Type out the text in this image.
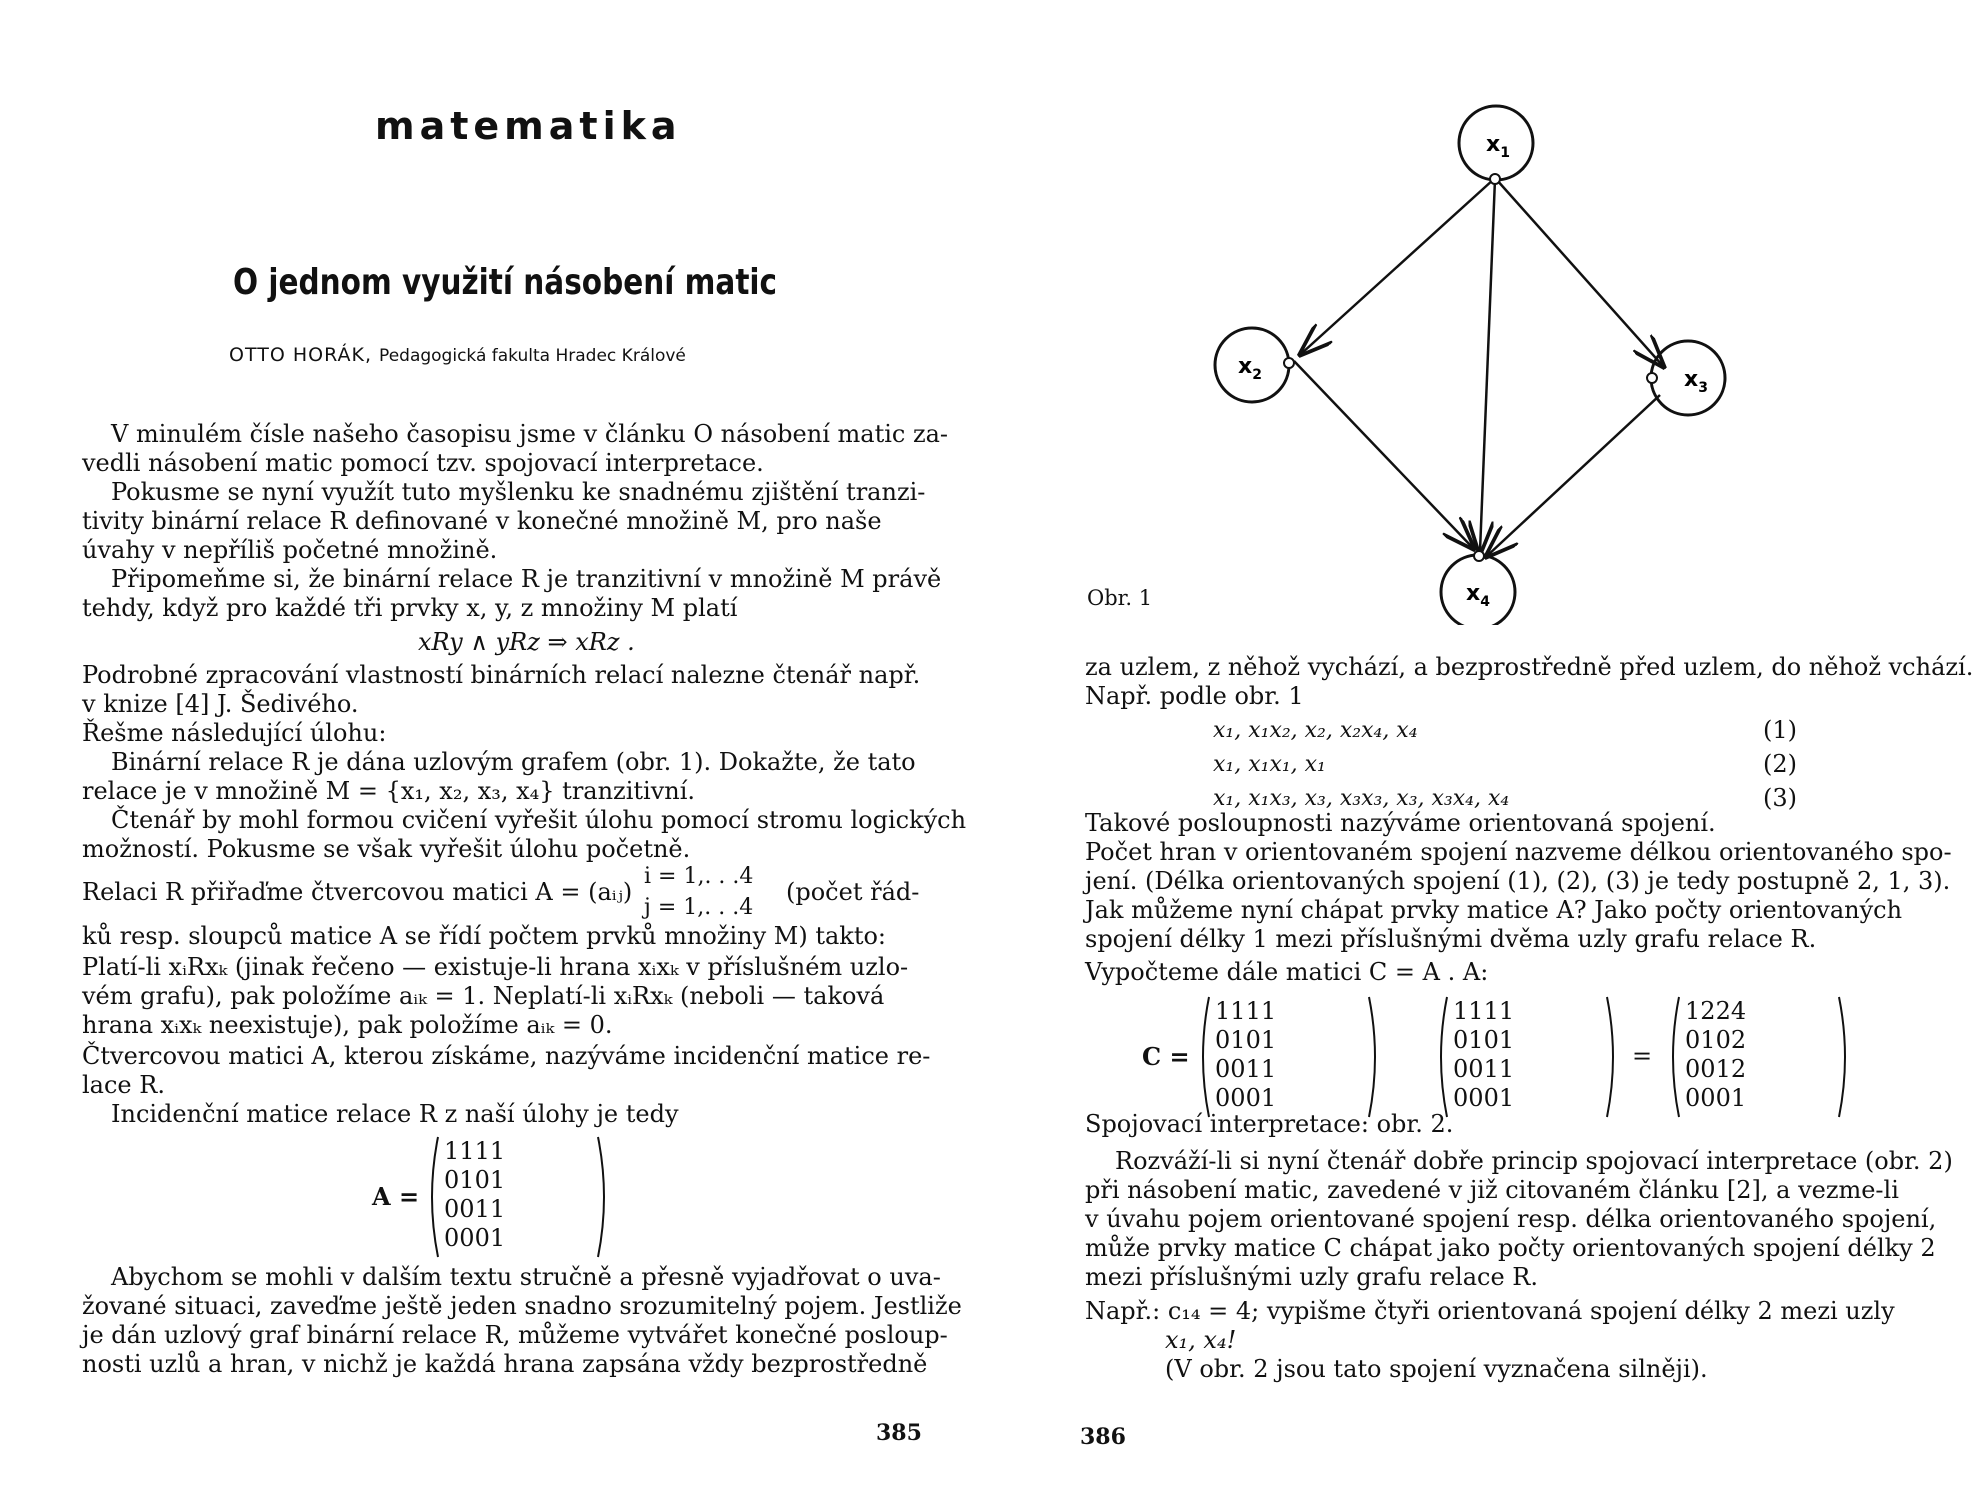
matematika
O jednom využití násobení matic
OTTO HORÁK, Pedagogická fakulta Hradec Králové
V minulém čísle našeho časopisu jsme v článku O násobení matic za-
vedli násobení matic pomocí tzv. spojovací interpretace.
Pokusme se nyní využít tuto myšlenku ke snadnému zjištění tranzi-
tivity binární relace R definované v konečné množině M, pro naše
úvahy v nepříliš početné množině.
Připomeňme si, že binární relace R je tranzitivní v množině M právě
tehdy, když pro každé tři prvky x, y, z množiny M platí
xRy ∧ yRz ⇒ xRz .
Podrobné zpracování vlastností binárních relací nalezne čtenář např.
v knize [4] J. Šedivého.
Řešme následující úlohu:
Binární relace R je dána uzlovým grafem (obr. 1). Dokažte, že tato
relace je v množině M = {x₁, x₂, x₃, x₄} tranzitivní.
Čtenář by mohl formou cvičení vyřešit úlohu pomocí stromu logických
možností. Pokusme se však vyřešit úlohu početně.
Relaci R přiřaďme čtvercovou matici A = (aᵢⱼ)
i = 1,. . .4
j = 1,. . .4
(počet řád-
ků resp. sloupců matice A se řídí počtem prvků množiny M) takto:
Platí-li xᵢRxₖ (jinak řečeno — existuje-li hrana xᵢxₖ v příslušném uzlo-
vém grafu), pak položíme aᵢₖ = 1. Neplatí-li xᵢRxₖ (neboli — taková
hrana xᵢxₖ neexistuje), pak položíme aᵢₖ = 0.
Čtvercovou matici A, kterou získáme, nazýváme incidenční matice re-
lace R.
Incidenční matice relace R z naší úlohy je tedy
A =
1	1	1	1
0	1	0	1
0	0	1	1
0	0	0	1
Abychom se mohli v dalším textu stručně a přesně vyjadřovat o uva-
žované situaci, zaveďme ještě jeden snadno srozumitelný pojem. Jestliže
je dán uzlový graf binární relace R, můžeme vytvářet konečné posloup-
nosti uzlů a hran, v nichž je každá hrana zapsána vždy bezprostředně
385
$x_1$
$x_2$	$x_3$
$x_4$
Obr. 1
za uzlem, z něhož vychází, a bezprostředně před uzlem, do něhož vchází.
Např. podle obr. 1
x₁, x₁x₂, x₂, x₂x₄, x₄	(1)
x₁, x₁x₁, x₁	(2)
x₁, x₁x₃, x₃, x₃x₃, x₃, x₃x₄, x₄	(3)
Takové posloupnosti nazýváme orientovaná spojení.
Počet hran v orientovaném spojení nazveme délkou orientovaného spo-
jení. (Délka orientovaných spojení (1), (2), (3) je tedy postupně 2, 1, 3).
Jak můžeme nyní chápat prvky matice A? Jako počty orientovaných
spojení délky 1 mezi příslušnými dvěma uzly grafu relace R.
Vypočteme dále matici C = A . A:
C =
1	1	1	1
0	1	0	1
0	0	1	1
0	0	0	1
1	1	1	1
0	1	0	1
0	0	1	1
0	0	0	1
=
1	2	2	4
0	1	0	2
0	0	1	2
0	0	0	1
Spojovací interpretace: obr. 2.
Rozváží-li si nyní čtenář dobře princip spojovací interpretace (obr. 2)
při násobení matic, zavedené v již citovaném článku [2], a vezme-li
v úvahu pojem orientované spojení resp. délka orientovaného spojení,
může prvky matice C chápat jako počty orientovaných spojení délky 2
mezi příslušnými uzly grafu relace R.
Např.: c₁₄ = 4; vypišme čtyři orientovaná spojení délky 2 mezi uzly
x₁, x₄!
(V obr. 2 jsou tato spojení vyznačena silněji).
386
